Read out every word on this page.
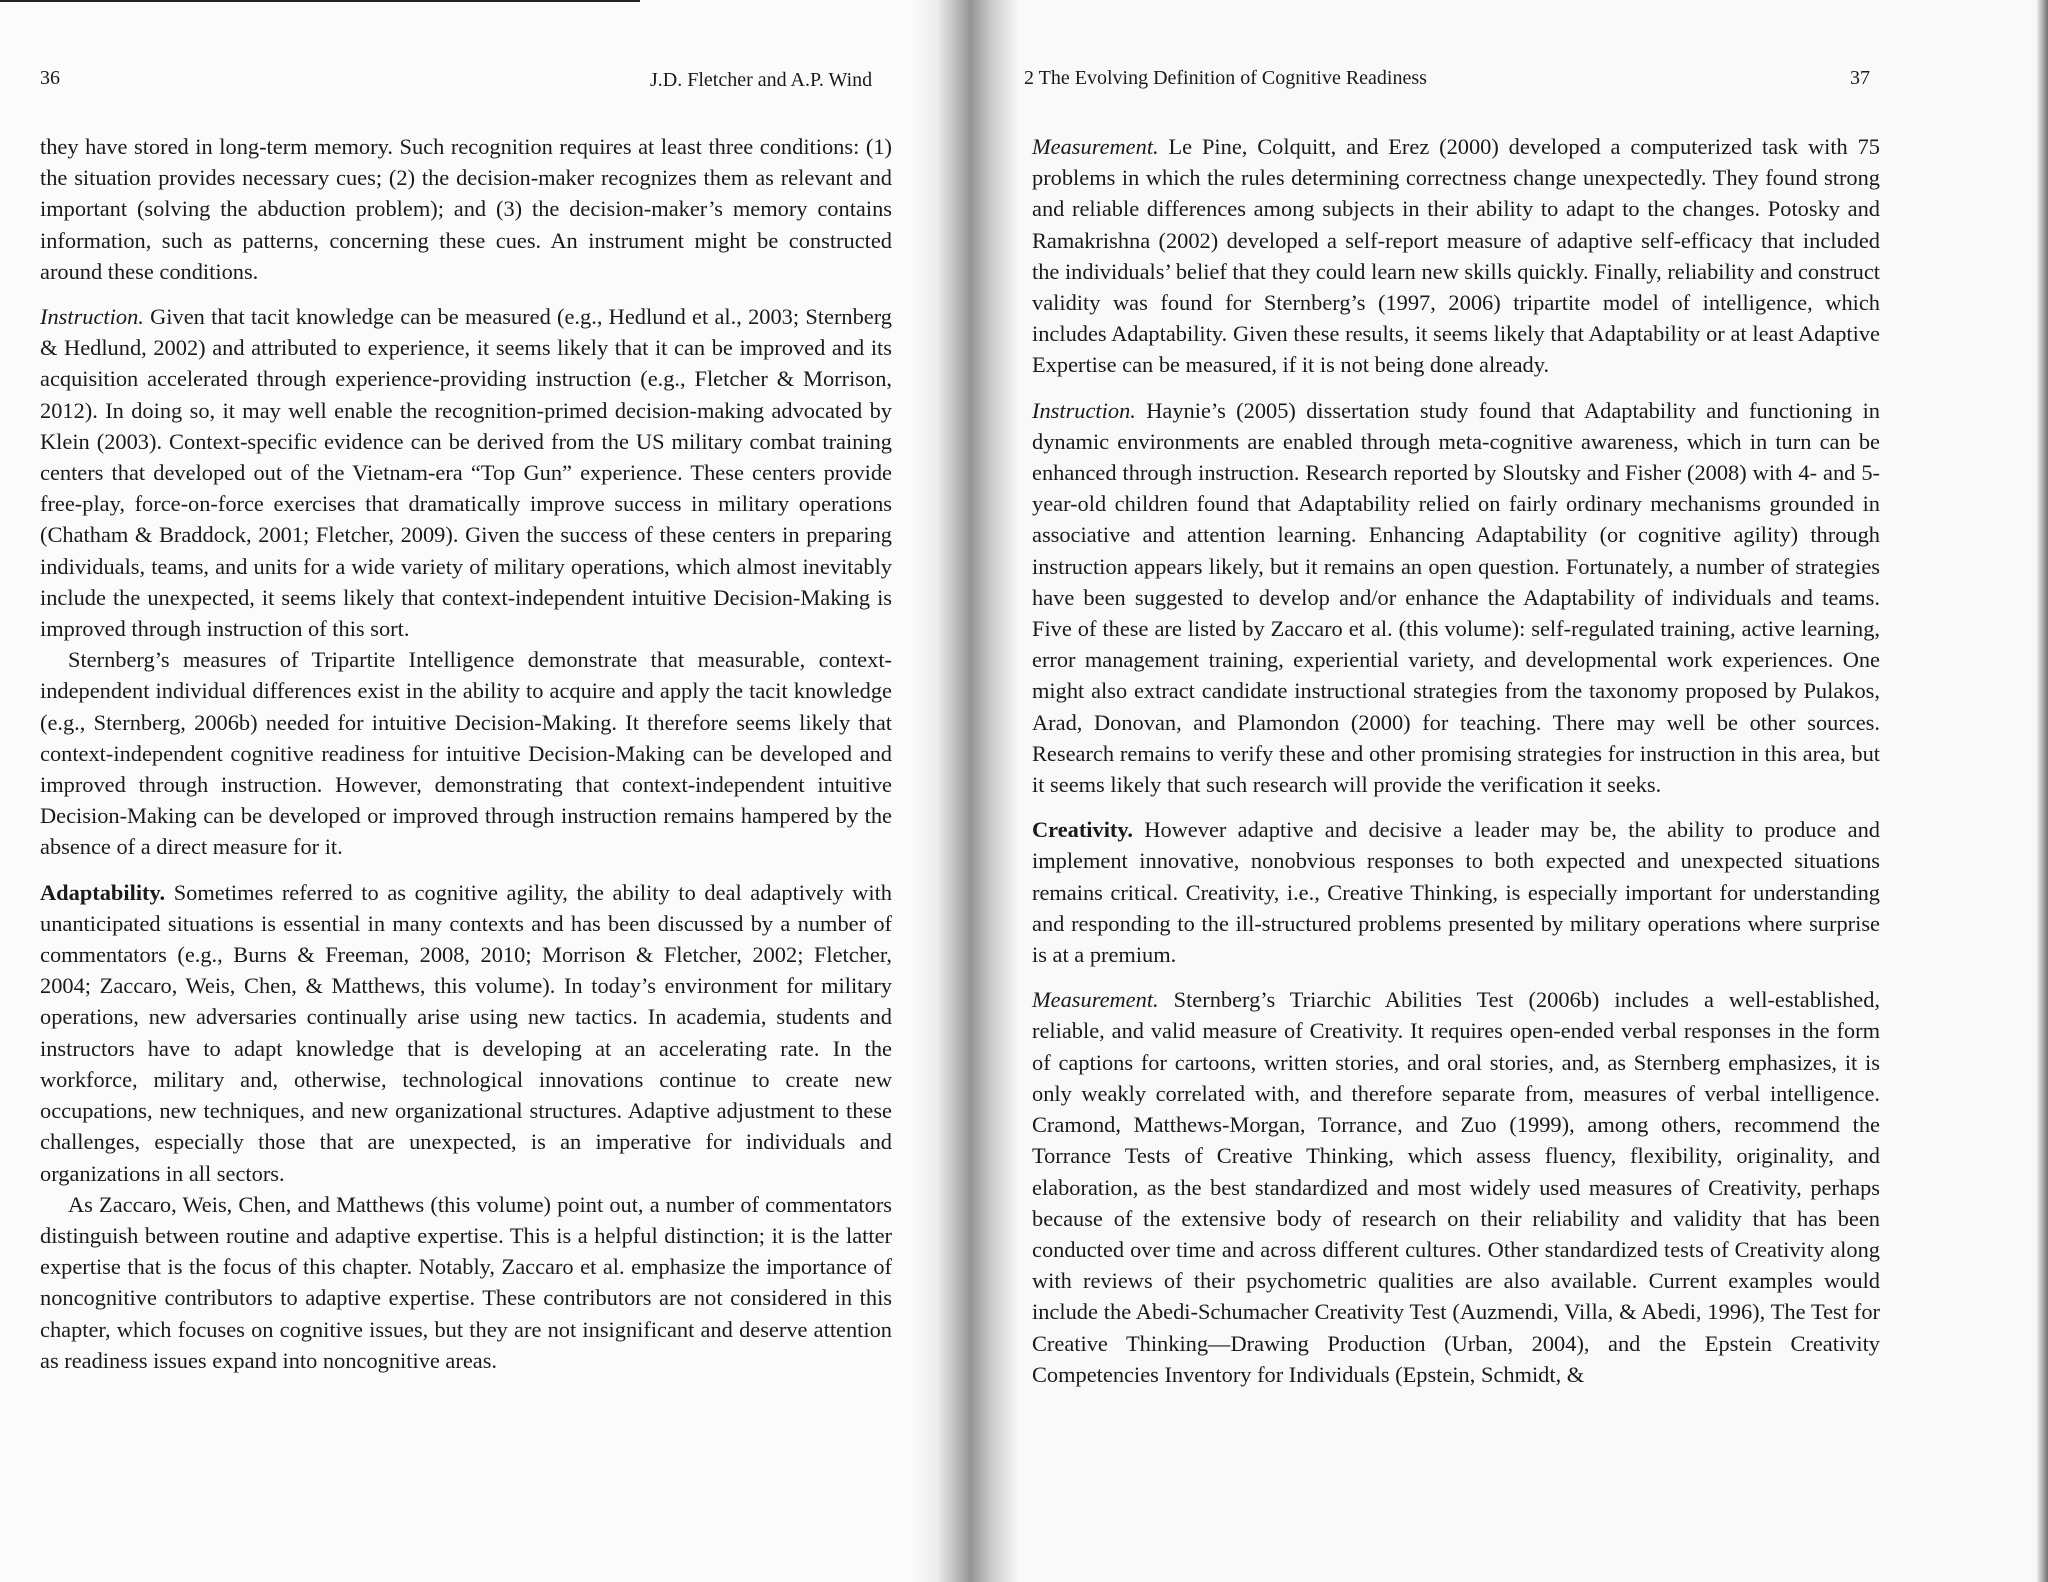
36	J.D. Fletcher and A.P. Wind

they have stored in long-term memory. Such recognition requires at least three conditions: (1) the situation provides necessary cues; (2) the decision-maker recognizes them as relevant and important (solving the abduction problem); and (3) the decision-maker’s memory contains information, such as patterns, concerning these cues. An instrument might be constructed around these conditions.

Instruction. Given that tacit knowledge can be measured (e.g., Hedlund et al., 2003; Sternberg & Hedlund, 2002) and attributed to experience, it seems likely that it can be improved and its acquisition accelerated through experience-providing instruction (e.g., Fletcher & Morrison, 2012). In doing so, it may well enable the recognition-primed decision-making advocated by Klein (2003). Context-specific evidence can be derived from the US military combat training centers that developed out of the Vietnam-era “Top Gun” experience. These centers provide free-play, force-on-force exercises that dramatically improve success in military operations (Chatham & Braddock, 2001; Fletcher, 2009). Given the success of these centers in preparing individuals, teams, and units for a wide variety of military operations, which almost inevitably include the unexpected, it seems likely that context-independent intuitive Decision-Making is improved through instruction of this sort.

Sternberg’s measures of Tripartite Intelligence demonstrate that measurable, context-independent individual differences exist in the ability to acquire and apply the tacit knowledge (e.g., Sternberg, 2006b) needed for intuitive Decision-Making. It therefore seems likely that context-independent cognitive readiness for intuitive Decision-Making can be developed and improved through instruction. However, demonstrating that context-independent intuitive Decision-Making can be developed or improved through instruction remains hampered by the absence of a direct measure for it.

Adaptability. Sometimes referred to as cognitive agility, the ability to deal adaptively with unanticipated situations is essential in many contexts and has been discussed by a number of commentators (e.g., Burns & Freeman, 2008, 2010; Morrison & Fletcher, 2002; Fletcher, 2004; Zaccaro, Weis, Chen, & Matthews, this volume). In today’s environment for military operations, new adversaries continually arise using new tactics. In academia, students and instructors have to adapt knowledge that is developing at an accelerating rate. In the workforce, military and, otherwise, technological innovations continue to create new occupations, new techniques, and new organizational structures. Adaptive adjustment to these challenges, especially those that are unexpected, is an imperative for individuals and organizations in all sectors.

As Zaccaro, Weis, Chen, and Matthews (this volume) point out, a number of commentators distinguish between routine and adaptive expertise. This is a helpful distinction; it is the latter expertise that is the focus of this chapter. Notably, Zaccaro et al. emphasize the importance of noncognitive contributors to adaptive expertise. These contributors are not considered in this chapter, which focuses on cognitive issues, but they are not insignificant and deserve attention as readiness issues expand into noncognitive areas.

2 The Evolving Definition of Cognitive Readiness	37

Measurement. Le Pine, Colquitt, and Erez (2000) developed a computerized task with 75 problems in which the rules determining correctness change unexpectedly. They found strong and reliable differences among subjects in their ability to adapt to the changes. Potosky and Ramakrishna (2002) developed a self-report measure of adaptive self-efficacy that included the individuals’ belief that they could learn new skills quickly. Finally, reliability and construct validity was found for Sternberg’s (1997, 2006) tripartite model of intelligence, which includes Adaptability. Given these results, it seems likely that Adaptability or at least Adaptive Expertise can be measured, if it is not being done already.

Instruction. Haynie’s (2005) dissertation study found that Adaptability and functioning in dynamic environments are enabled through meta-cognitive awareness, which in turn can be enhanced through instruction. Research reported by Sloutsky and Fisher (2008) with 4- and 5-year-old children found that Adaptability relied on fairly ordinary mechanisms grounded in associative and attention learning. Enhancing Adaptability (or cognitive agility) through instruction appears likely, but it remains an open question. Fortunately, a number of strategies have been suggested to develop and/or enhance the Adaptability of individuals and teams. Five of these are listed by Zaccaro et al. (this volume): self-regulated training, active learning, error management training, experiential variety, and developmental work experiences. One might also extract candidate instructional strategies from the taxonomy proposed by Pulakos, Arad, Donovan, and Plamondon (2000) for teaching. There may well be other sources. Research remains to verify these and other promising strategies for instruction in this area, but it seems likely that such research will provide the verification it seeks.

Creativity. However adaptive and decisive a leader may be, the ability to produce and implement innovative, nonobvious responses to both expected and unexpected situations remains critical. Creativity, i.e., Creative Thinking, is especially important for understanding and responding to the ill-structured problems presented by military operations where surprise is at a premium.

Measurement. Sternberg’s Triarchic Abilities Test (2006b) includes a well-established, reliable, and valid measure of Creativity. It requires open-ended verbal responses in the form of captions for cartoons, written stories, and oral stories, and, as Sternberg emphasizes, it is only weakly correlated with, and therefore separate from, measures of verbal intelligence. Cramond, Matthews-Morgan, Torrance, and Zuo (1999), among others, recommend the Torrance Tests of Creative Thinking, which assess fluency, flexibility, originality, and elaboration, as the best standardized and most widely used measures of Creativity, perhaps because of the extensive body of research on their reliability and validity that has been conducted over time and across different cultures. Other standardized tests of Creativity along with reviews of their psychometric qualities are also available. Current examples would include the Abedi-Schumacher Creativity Test (Auzmendi, Villa, & Abedi, 1996), The Test for Creative Thinking—Drawing Production (Urban, 2004), and the Epstein Creativity Competencies Inventory for Individuals (Epstein, Schmidt, &
